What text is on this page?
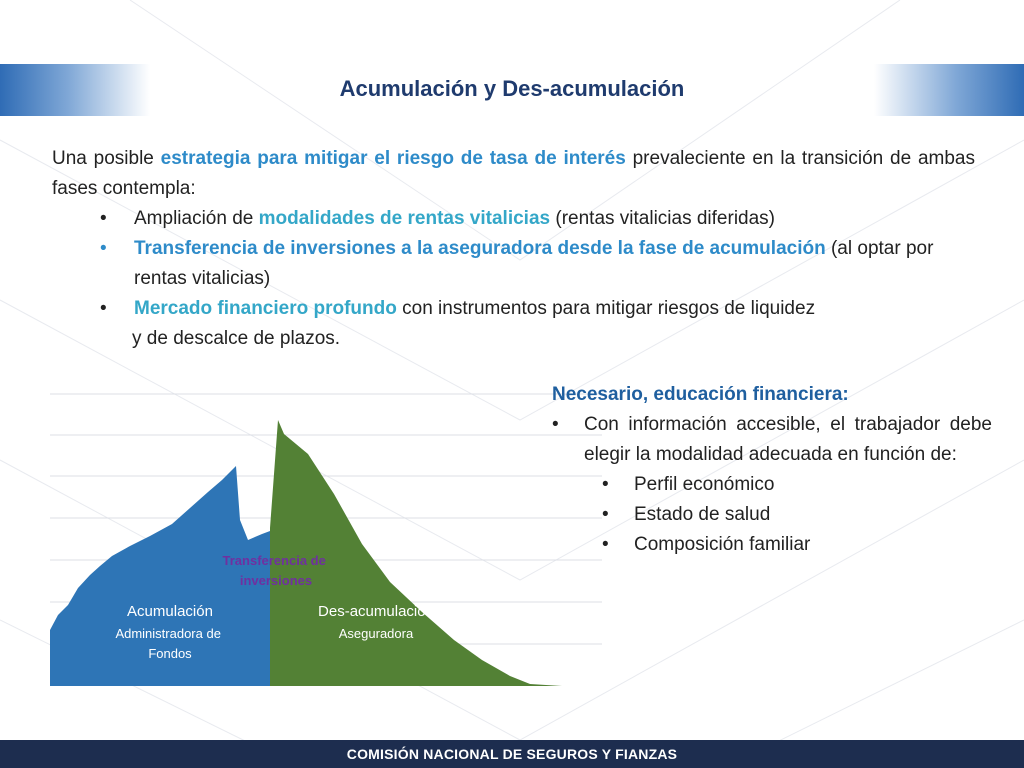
Acumulación y Des-acumulación
Una posible estrategia para mitigar el riesgo de tasa de interés prevaleciente en la transición de ambas fases contempla:
• Ampliación de modalidades de rentas vitalicias (rentas vitalicias diferidas)
• Transferencia de inversiones a la aseguradora desde la fase de acumulación (al optar por rentas vitalicias)
• Mercado financiero profundo con instrumentos para mitigar riesgos de liquidez
y de descalce de plazos.
Transferencia de inversiones
Acumulación
Administradora de Fondos
Des-acumulación
Aseguradora
Necesario, educación financiera:
• Con información accesible, el trabajador debe elegir la modalidad adecuada en función de:
• Perfil económico
• Estado de salud
• Composición familiar
COMISIÓN NACIONAL DE SEGUROS Y FIANZAS
